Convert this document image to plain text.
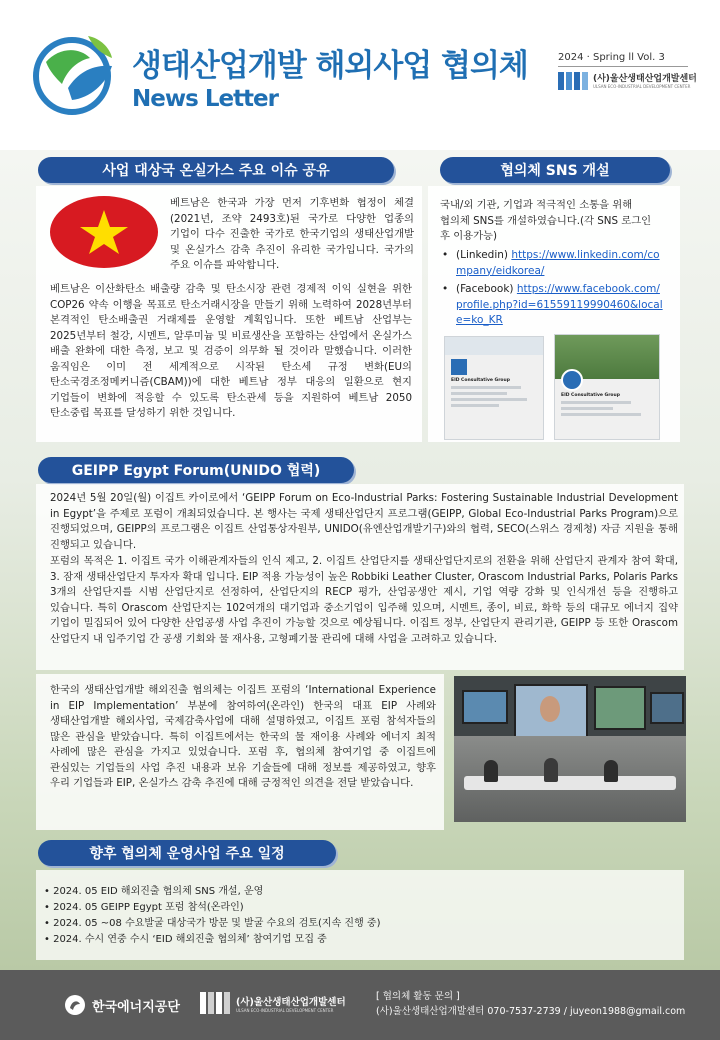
생태산업개발 해외사업 협의체
News Letter
2024 · Spring ll Vol. 3
(사)울산생태산업개발센터
ULSAN ECO-INDUSTRIAL DEVELOPMENT CENTER
사업 대상국 온실가스 주요 이슈 공유
베트남은 한국과 가장 먼저 기후변화 협정이 체결(2021년, 조약 2493호)된 국가로 다양한 업종의 기업이 다수 진출한 국가로 한국기업의 생태산업개발 및 온실가스 감축 추진이 유리한 국가입니다. 국가의 주요 이슈를 파악합니다.
베트남은 이산화탄소 배출량 감축 및 탄소시장 관련 경제적 이익 실현을 위한 COP26 약속 이행을 목표로 탄소거래시장을 만들기 위해 노력하여 2028년부터 본격적인 탄소배출권 거래제를 운영할 계획입니다. 또한 베트남 산업부는 2025년부터 철강, 시멘트, 알루미늄 및 비료생산을 포함하는 산업에서 온실가스 배출 완화에 대한 측정, 보고 및 검증이 의무화 될 것이라 말했습니다. 이러한 움직임은 이미 전 세계적으로 시작된 탄소세 규정 변화(EU의 탄소국경조정메커니즘(CBAM))에 대한 베트남 정부 대응의 일환으로 현지 기업들이 변화에 적응할 수 있도록 탄소관세 등을 지원하여 베트남 2050 탄소중립 목표를 달성하기 위한 것입니다.
협의체 SNS 개설
국내/외 기관, 기업과 적극적인 소통을 위해 협의체 SNS를 개설하였습니다.(각 SNS 로그인 후 이용가능)
• (Linkedin) https://www.linkedin.com/company/eidkorea/
• (Facebook) https://www.facebook.com/profile.php?id=61559119990460&locale=ko_KR
EID Consultative Group
EID Consultative Group
GEIPP Egypt Forum(UNIDO 협력)
2024년 5월 20일(월) 이집트 카이로에서 ‘GEIPP Forum on Eco-Industrial Parks: Fostering Sustainable Industrial Development in Egypt’을 주제로 포럼이 개최되었습니다. 본 행사는 국제 생태산업단지 프로그램(GEIPP, Global Eco-Industrial Parks Program)으로 진행되었으며, GEIPP의 프로그램은 이집트 산업통상자원부, UNIDO(유엔산업개발기구)와의 협력, SECO(스위스 경제청) 자금 지원을 통해 진행되고 있습니다.
포럼의 목적은 1. 이집트 국가 이해관계자들의 인식 제고, 2. 이집트 산업단지를 생태산업단지로의 전환을 위해 산업단지 관계자 참여 확대, 3. 잠재 생태산업단지 투자자 확대 입니다. EIP 적용 가능성이 높은 Robbiki Leather Cluster, Orascom Industrial Parks, Polaris Parks 3개의 산업단지를 시범 산업단지로 선정하여, 산업단지의 RECP 평가, 산업공생안 제시, 기업 역량 강화 및 인식개선 등을 진행하고 있습니다. 특히 Orascom 산업단지는 102여개의 대기업과 중소기업이 입주해 있으며, 시멘트, 종이, 비료, 화학 등의 대규모 에너지 집약 기업이 밀집되어 있어 다양한 산업공생 사업 추진이 가능할 것으로 예상됩니다. 이집트 정부, 산업단지 관리기관, GEIPP 등 또한 Orascom 산업단지 내 입주기업 간 공생 기회와 물 재사용, 고형폐기물 관리에 대해 사업을 고려하고 있습니다.
한국의 생태산업개발 해외진출 협의체는 이집트 포럼의 ‘International Experience in EIP Implementation’ 부분에 참여하여(온라인) 한국의 대표 EIP 사례와 생태산업개발 해외사업, 국제감축사업에 대해 설명하였고, 이집트 포럼 참석자들의 많은 관심을 받았습니다. 특히 이집트에서는 한국의 물 재이용 사례와 에너지 최적 사례에 많은 관심을 가지고 있었습니다. 포럼 후, 협의체 참여기업 중 이집트에 관심있는 기업들의 사업 추진 내용과 보유 기술들에 대해 정보를 제공하였고, 향후 우리 기업들과 EIP, 온실가스 감축 추진에 대해 긍정적인 의견을 전달 받았습니다.
향후 협의체 운영사업 주요 일정
• 2024. 05 EID 해외진출 협의체 SNS 개설, 운영
• 2024. 05 GEIPP Egypt 포럼 참석(온라인)
• 2024. 05 ~08 수요발굴 대상국가 방문 및 발굴 수요의 검토(지속 진행 중)
• 2024. 수시 연중 수시 ‘EID 해외진출 협의체’ 참여기업 모집 중
한국에너지공단	(사)울산생태산업개발센터
ULSAN ECO-INDUSTRIAL DEVELOPMENT CENTER
[ 협의체 활동 문의 ]
(사)울산생태산업개발센터 070-7537-2739 / juyeon1988@gmail.com
